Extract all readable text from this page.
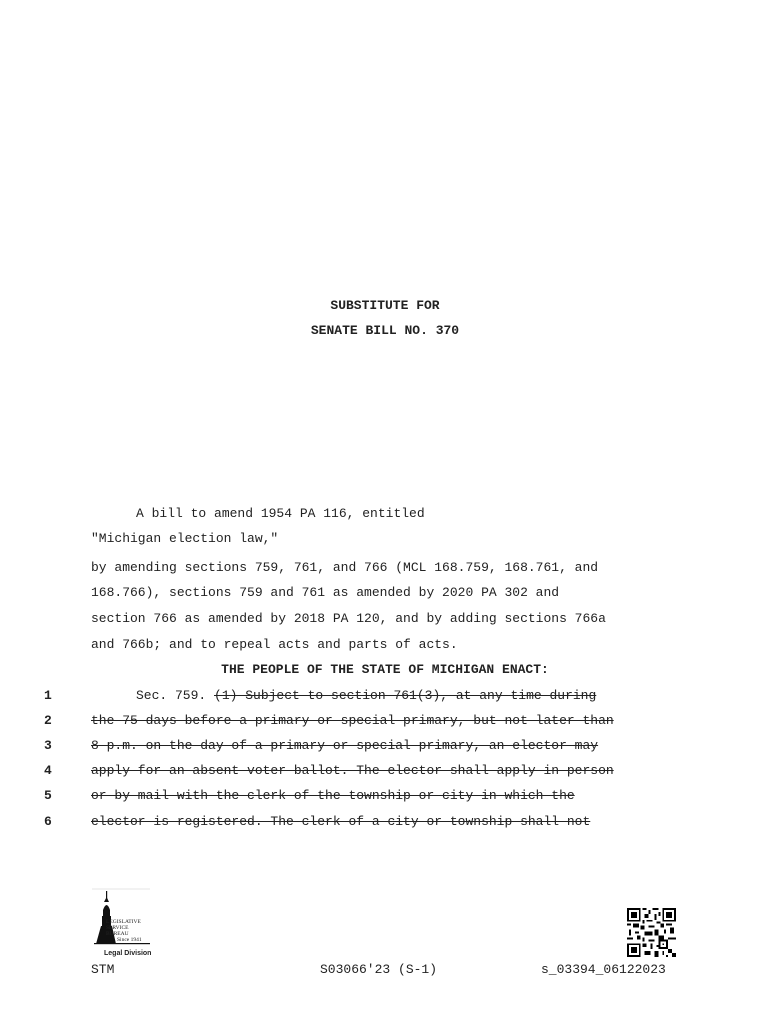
SUBSTITUTE FOR
SENATE BILL NO. 370
A bill to amend 1954 PA 116, entitled
"Michigan election law,"
by amending sections 759, 761, and 766 (MCL 168.759, 168.761, and
168.766), sections 759 and 761 as amended by 2020 PA 302 and
section 766 as amended by 2018 PA 120, and by adding sections 766a
and 766b; and to repeal acts and parts of acts.
THE PEOPLE OF THE STATE OF MICHIGAN ENACT:
1	Sec. 759. (1) Subject to section 761(3), at any time during
2	the 75 days before a primary or special primary, but not later than
3	8 p.m. on the day of a primary or special primary, an elector may
4	apply for an absent voter ballot. The elector shall apply in person
5	or by mail with the clerk of the township or city in which the
6	elector is registered. The clerk of a city or township shall not
LEGISLATIVE
SERVICE
BUREAU
Since 1941
Legal Division
STM	S03066'23 (S-1)	s_03394_06122023
